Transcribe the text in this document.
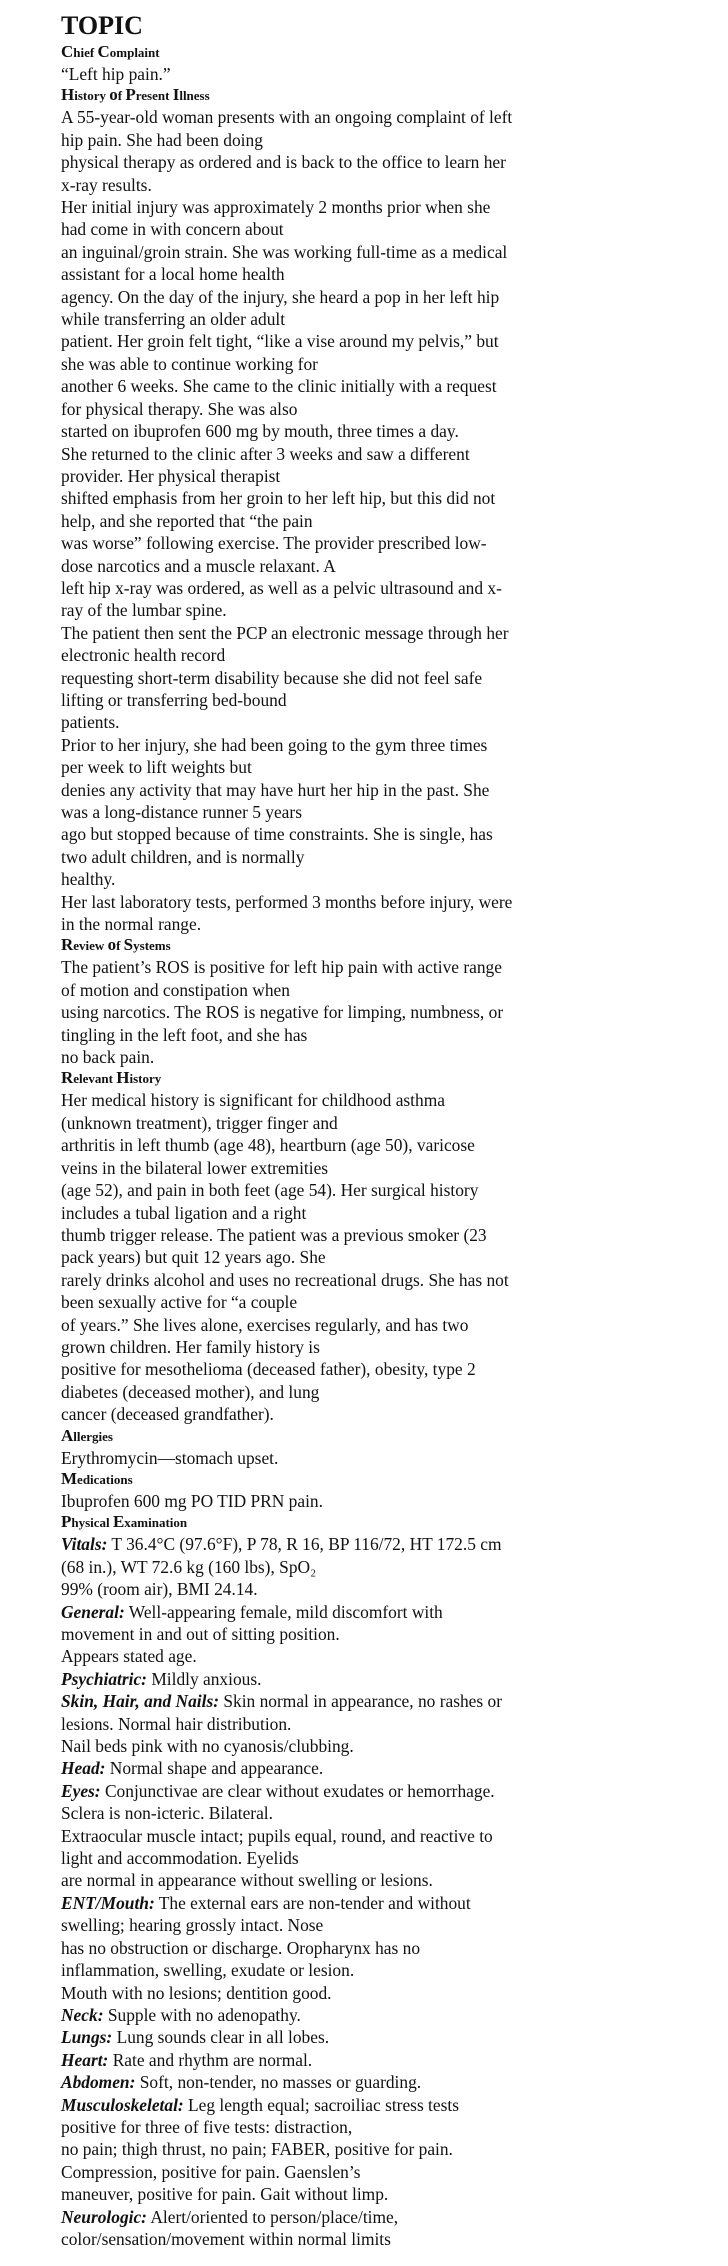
TOPIC
Chief Complaint
“Left hip pain.”
History of Present Illness
A 55-year-old woman presents with an ongoing complaint of left
hip pain. She had been doing
physical therapy as ordered and is back to the office to learn her
x-ray results.
Her initial injury was approximately 2 months prior when she
had come in with concern about
an inguinal/groin strain. She was working full-time as a medical
assistant for a local home health
agency. On the day of the injury, she heard a pop in her left hip
while transferring an older adult
patient. Her groin felt tight, “like a vise around my pelvis,” but
she was able to continue working for
another 6 weeks. She came to the clinic initially with a request
for physical therapy. She was also
started on ibuprofen 600 mg by mouth, three times a day.
She returned to the clinic after 3 weeks and saw a different
provider. Her physical therapist
shifted emphasis from her groin to her left hip, but this did not
help, and she reported that “the pain
was worse” following exercise. The provider prescribed low-
dose narcotics and a muscle relaxant. A
left hip x-ray was ordered, as well as a pelvic ultrasound and x-
ray of the lumbar spine.
The patient then sent the PCP an electronic message through her
electronic health record
requesting short-term disability because she did not feel safe
lifting or transferring bed-bound
patients.
Prior to her injury, she had been going to the gym three times
per week to lift weights but
denies any activity that may have hurt her hip in the past. She
was a long-distance runner 5 years
ago but stopped because of time constraints. She is single, has
two adult children, and is normally
healthy.
Her last laboratory tests, performed 3 months before injury, were
in the normal range.
Review of Systems
The patient’s ROS is positive for left hip pain with active range
of motion and constipation when
using narcotics. The ROS is negative for limping, numbness, or
tingling in the left foot, and she has
no back pain.
Relevant History
Her medical history is significant for childhood asthma
(unknown treatment), trigger finger and
arthritis in left thumb (age 48), heartburn (age 50), varicose
veins in the bilateral lower extremities
(age 52), and pain in both feet (age 54). Her surgical history
includes a tubal ligation and a right
thumb trigger release. The patient was a previous smoker (23
pack years) but quit 12 years ago. She
rarely drinks alcohol and uses no recreational drugs. She has not
been sexually active for “a couple
of years.” She lives alone, exercises regularly, and has two
grown children. Her family history is
positive for mesothelioma (deceased father), obesity, type 2
diabetes (deceased mother), and lung
cancer (deceased grandfather).
Allergies
Erythromycin—stomach upset.
Medications
Ibuprofen 600 mg PO TID PRN pain.
Physical Examination
Vitals: T 36.4°C (97.6°F), P 78, R 16, BP 116/72, HT 172.5 cm
(68 in.), WT 72.6 kg (160 lbs), SpO₂
99% (room air), BMI 24.14.
General: Well-appearing female, mild discomfort with
movement in and out of sitting position.
Appears stated age.
Psychiatric: Mildly anxious.
Skin, Hair, and Nails: Skin normal in appearance, no rashes or
lesions. Normal hair distribution.
Nail beds pink with no cyanosis/clubbing.
Head: Normal shape and appearance.
Eyes: Conjunctivae are clear without exudates or hemorrhage.
Sclera is non-icteric. Bilateral.
Extraocular muscle intact; pupils equal, round, and reactive to
light and accommodation. Eyelids
are normal in appearance without swelling or lesions.
ENT/Mouth: The external ears are non-tender and without
swelling; hearing grossly intact. Nose
has no obstruction or discharge. Oropharynx has no
inflammation, swelling, exudate or lesion.
Mouth with no lesions; dentition good.
Neck: Supple with no adenopathy.
Lungs: Lung sounds clear in all lobes.
Heart: Rate and rhythm are normal.
Abdomen: Soft, non-tender, no masses or guarding.
Musculoskeletal: Leg length equal; sacroiliac stress tests
positive for three of five tests: distraction,
no pain; thigh thrust, no pain; FABER, positive for pain.
Compression, positive for pain. Gaenslen’s
maneuver, positive for pain. Gait without limp.
Neurologic: Alert/oriented to person/place/time,
color/sensation/movement within normal limits
